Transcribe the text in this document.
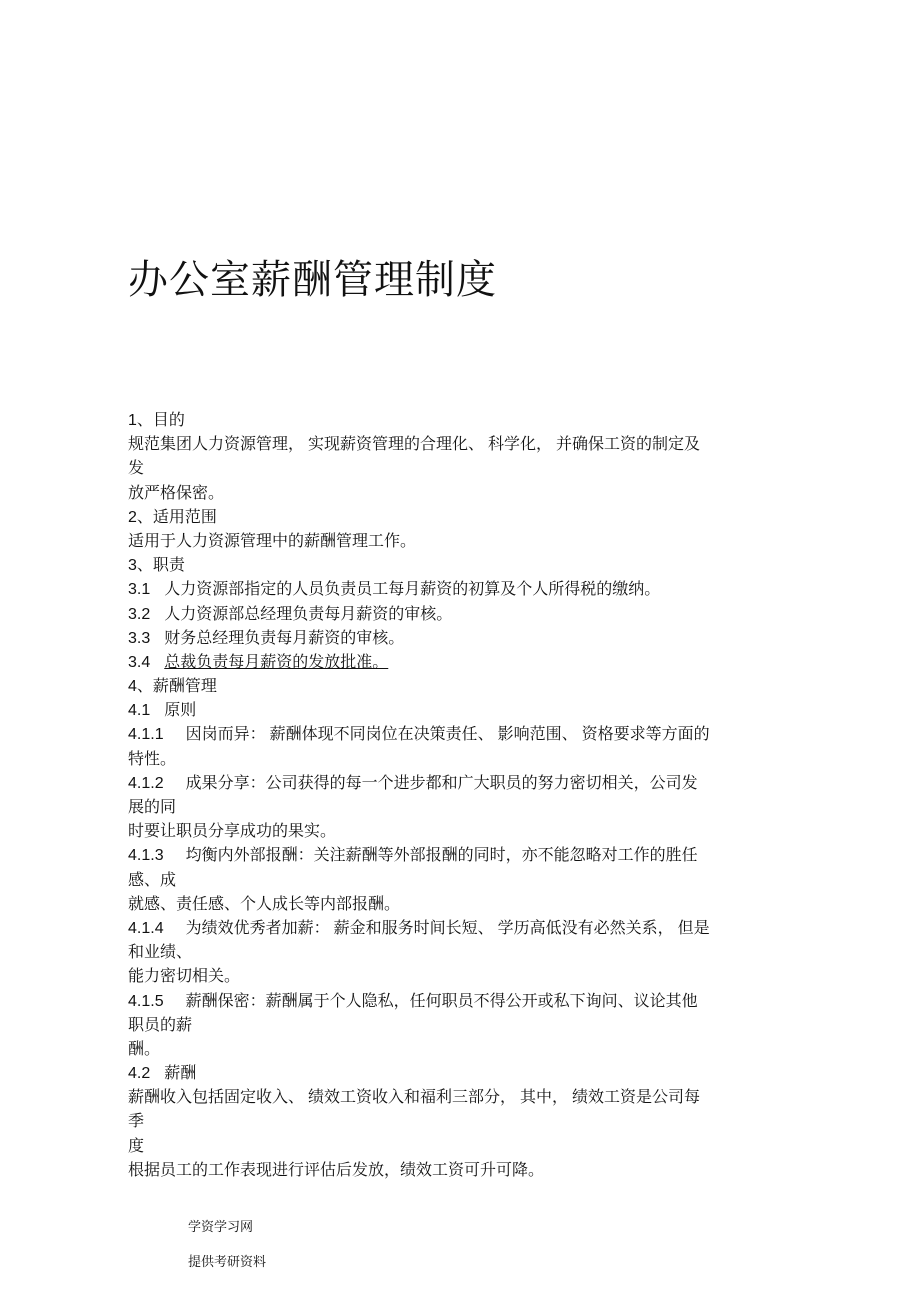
办公室薪酬管理制度
1、目的
规范集团人力资源管理， 实现薪资管理的合理化、 科学化， 并确保工资的制定及
发
放严格保密。
2、适用范围
适用于人力资源管理中的薪酬管理工作。
3、职责
3.1 人力资源部指定的人员负责员工每月薪资的初算及个人所得税的缴纳。
3.2 人力资源部总经理负责每月薪资的审核。
3.3 财务总经理负责每月薪资的审核。
3.4 总裁负责每月薪资的发放批准。
4、薪酬管理
4.1 原则
4.1.1 因岗而异： 薪酬体现不同岗位在决策责任、 影响范围、 资格要求等方面的
特性。
4.1.2 成果分享：公司获得的每一个进步都和广大职员的努力密切相关，公司发
展的同
时要让职员分享成功的果实。
4.1.3 均衡内外部报酬：关注薪酬等外部报酬的同时，亦不能忽略对工作的胜任
感、成
就感、责任感、个人成长等内部报酬。
4.1.4 为绩效优秀者加薪： 薪金和服务时间长短、 学历高低没有必然关系， 但是
和业绩、
能力密切相关。
4.1.5 薪酬保密：薪酬属于个人隐私，任何职员不得公开或私下询问、议论其他
职员的薪
酬。
4.2 薪酬
薪酬收入包括固定收入、 绩效工资收入和福利三部分， 其中， 绩效工资是公司每
季
度
根据员工的工作表现进行评估后发放，绩效工资可升可降。
学资学习网
提供考研资料
